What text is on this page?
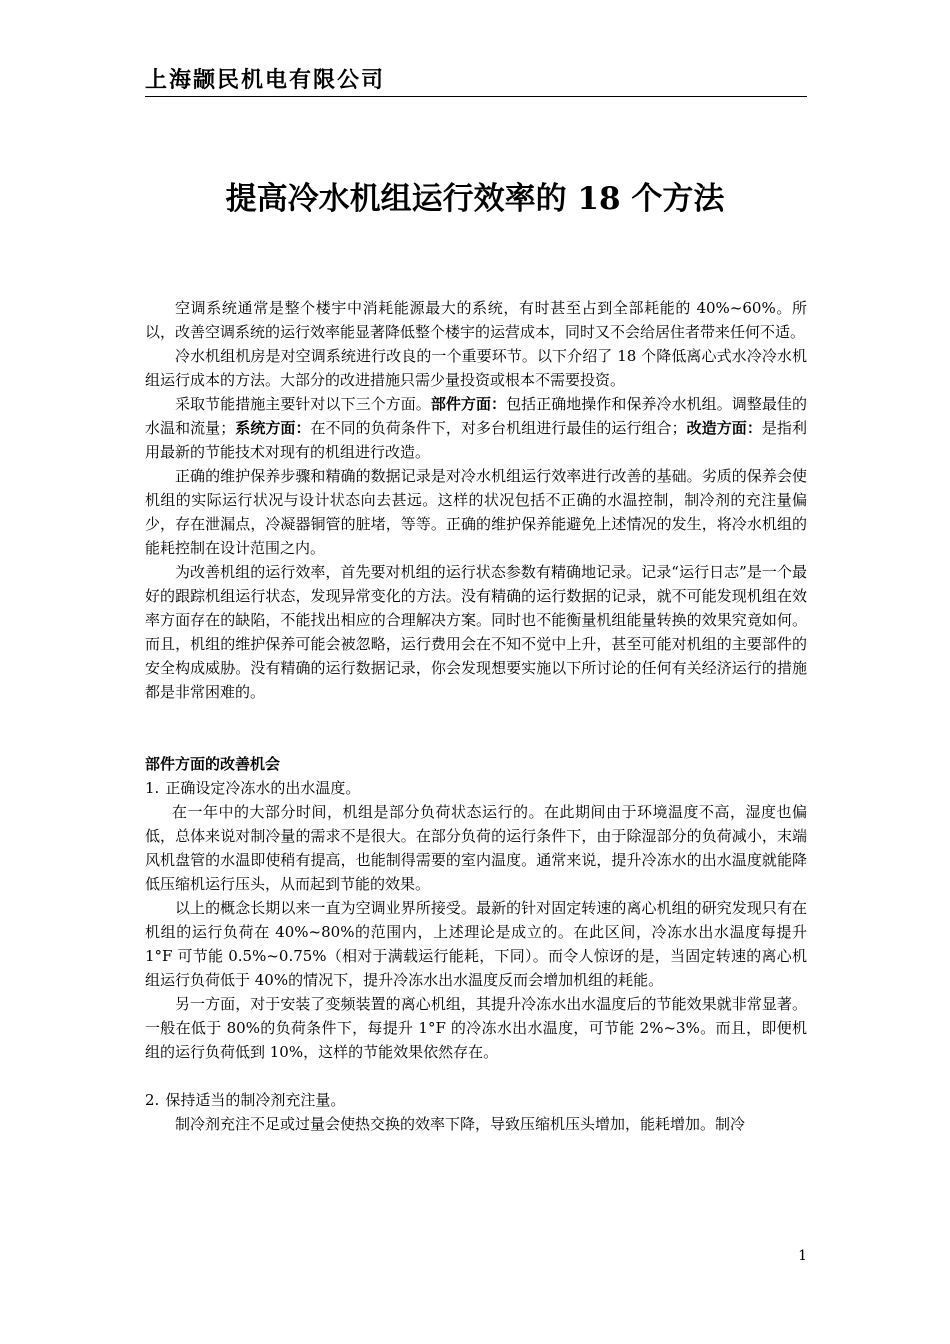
上海颛民机电有限公司
提高冷水机组运行效率的 18 个方法

空调系统通常是整个楼宇中消耗能源最大的系统，有时甚至占到全部耗能的 40%~60%。所以，改善空调系统的运行效率能显著降低整个楼宇的运营成本，同时又不会给居住者带来任何不适。

冷水机组机房是对空调系统进行改良的一个重要环节。以下介绍了 18 个降低离心式水冷冷水机组运行成本的方法。大部分的改进措施只需少量投资或根本不需要投资。

采取节能措施主要针对以下三个方面。部件方面：包括正确地操作和保养冷水机组。调整最佳的水温和流量；系统方面：在不同的负荷条件下，对多台机组进行最佳的运行组合；改造方面：是指利用最新的节能技术对现有的机组进行改造。

正确的维护保养步骤和精确的数据记录是对冷水机组运行效率进行改善的基础。劣质的保养会使机组的实际运行状况与设计状态向去甚远。这样的状况包括不正确的水温控制，制冷剂的充注量偏少，存在泄漏点，冷凝器铜管的脏堵，等等。正确的维护保养能避免上述情况的发生，将冷水机组的能耗控制在设计范围之内。

为改善机组的运行效率，首先要对机组的运行状态参数有精确地记录。记录“运行日志”是一个最好的跟踪机组运行状态，发现异常变化的方法。没有精确的运行数据的记录，就不可能发现机组在效率方面存在的缺陷，不能找出相应的合理解决方案。同时也不能衡量机组能量转换的效果究竟如何。而且，机组的维护保养可能会被忽略，运行费用会在不知不觉中上升，甚至可能对机组的主要部件的安全构成威胁。没有精确的运行数据记录，你会发现想要实施以下所讨论的任何有关经济运行的措施都是非常困难的。

部件方面的改善机会

1. 正确设定冷冻水的出水温度。

在一年中的大部分时间，机组是部分负荷状态运行的。在此期间由于环境温度不高，湿度也偏低，总体来说对制冷量的需求不是很大。在部分负荷的运行条件下，由于除湿部分的负荷减小，末端风机盘管的水温即使稍有提高，也能制得需要的室内温度。通常来说，提升冷冻水的出水温度就能降低压缩机运行压头，从而起到节能的效果。

以上的概念长期以来一直为空调业界所接受。最新的针对固定转速的离心机组的研究发现只有在机组的运行负荷在 40%~80%的范围内，上述理论是成立的。在此区间，冷冻水出水温度每提升 1°F 可节能 0.5%~0.75%（相对于满载运行能耗，下同）。而令人惊讶的是，当固定转速的离心机组运行负荷低于 40%的情况下，提升冷冻水出水温度反而会增加机组的耗能。

另一方面，对于安装了变频装置的离心机组，其提升冷冻水出水温度后的节能效果就非常显著。一般在低于 80%的负荷条件下，每提升 1°F 的冷冻水出水温度，可节能 2%~3%。而且，即便机组的运行负荷低到 10%，这样的节能效果依然存在。

2. 保持适当的制冷剂充注量。

制冷剂充注不足或过量会使热交换的效率下降，导致压缩机压头增加，能耗增加。制冷

1
